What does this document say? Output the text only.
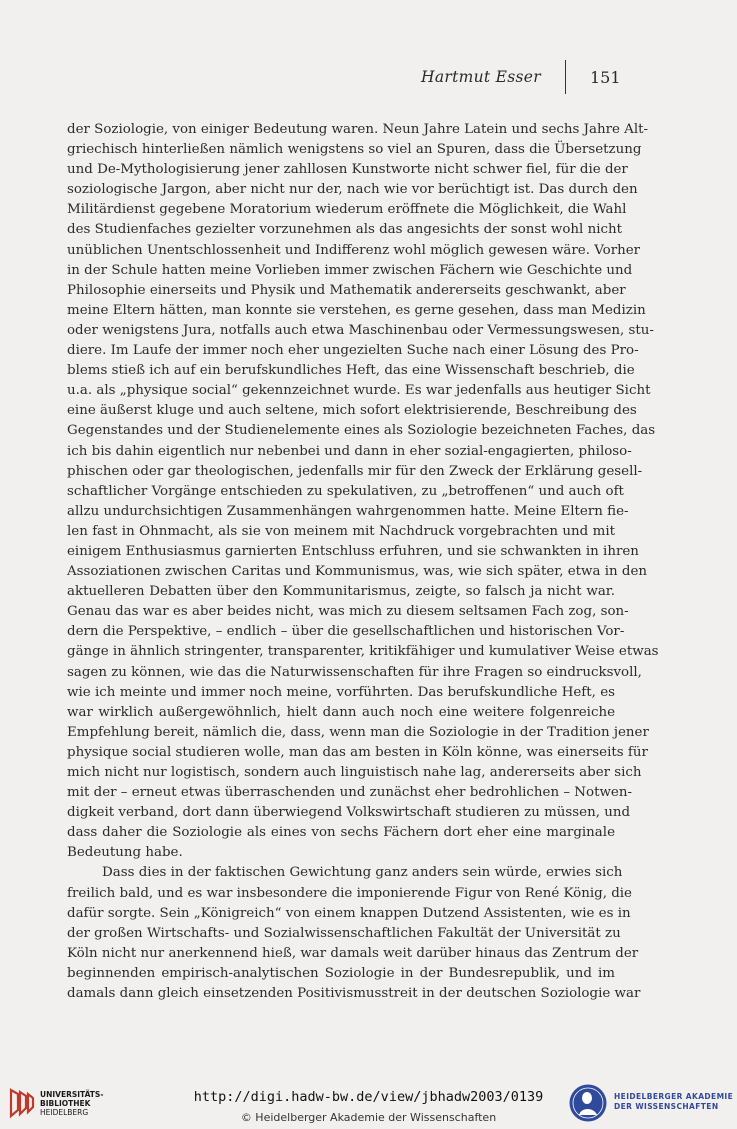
Hartmut Esser	151
der Soziologie, von einiger Bedeutung waren. Neun Jahre Latein und sechs Jahre Alt-
griechisch hinterließen nämlich wenigstens so viel an Spuren, dass die Übersetzung
und De-Mythologisierung jener zahllosen Kunstworte nicht schwer fiel, für die der
soziologische Jargon, aber nicht nur der, nach wie vor berüchtigt ist. Das durch den
Militärdienst gegebene Moratorium wiederum eröffnete die Möglichkeit, die Wahl
des Studienfaches gezielter vorzunehmen als das angesichts der sonst wohl nicht
unüblichen Unentschlossenheit und Indifferenz wohl möglich gewesen wäre. Vorher
in der Schule hatten meine Vorlieben immer zwischen Fächern wie Geschichte und
Philosophie einerseits und Physik und Mathematik andererseits geschwankt, aber
meine Eltern hätten, man konnte sie verstehen, es gerne gesehen, dass man Medizin
oder wenigstens Jura, notfalls auch etwa Maschinenbau oder Vermessungswesen, stu-
diere. Im Laufe der immer noch eher ungezielten Suche nach einer Lösung des Pro-
blems stieß ich auf ein berufskundliches Heft, das eine Wissenschaft beschrieb, die
u.a. als „physique social“ gekennzeichnet wurde. Es war jedenfalls aus heutiger Sicht
eine äußerst kluge und auch seltene, mich sofort elektrisierende, Beschreibung des
Gegenstandes und der Studienelemente eines als Soziologie bezeichneten Faches, das
ich bis dahin eigentlich nur nebenbei und dann in eher sozial-engagierten, philoso-
phischen oder gar theologischen, jedenfalls mir für den Zweck der Erklärung gesell-
schaftlicher Vorgänge entschieden zu spekulativen, zu „betroffenen“ und auch oft
allzu undurchsichtigen Zusammenhängen wahrgenommen hatte. Meine Eltern fie-
len fast in Ohnmacht, als sie von meinem mit Nachdruck vorgebrachten und mit
einigem Enthusiasmus garnierten Entschluss erfuhren, und sie schwankten in ihren
Assoziationen zwischen Caritas und Kommunismus, was, wie sich später, etwa in den
aktuelleren Debatten über den Kommunitarismus, zeigte, so falsch ja nicht war.
Genau das war es aber beides nicht, was mich zu diesem seltsamen Fach zog, son-
dern die Perspektive, – endlich – über die gesellschaftlichen und historischen Vor-
gänge in ähnlich stringenter, transparenter, kritikfähiger und kumulativer Weise etwas
sagen zu können, wie das die Naturwissenschaften für ihre Fragen so eindrucksvoll,
wie ich meinte und immer noch meine, vorführten. Das berufskundliche Heft, es
war wirklich außergewöhnlich, hielt dann auch noch eine weitere folgenreiche
Empfehlung bereit, nämlich die, dass, wenn man die Soziologie in der Tradition jener
physique social studieren wolle, man das am besten in Köln könne, was einerseits für
mich nicht nur logistisch, sondern auch linguistisch nahe lag, andererseits aber sich
mit der – erneut etwas überraschenden und zunächst eher bedrohlichen – Notwen-
digkeit verband, dort dann überwiegend Volkswirtschaft studieren zu müssen, und
dass daher die Soziologie als eines von sechs Fächern dort eher eine marginale
Bedeutung habe.
Dass dies in der faktischen Gewichtung ganz anders sein würde, erwies sich
freilich bald, und es war insbesondere die imponierende Figur von René König, die
dafür sorgte. Sein „Königreich“ von einem knappen Dutzend Assistenten, wie es in
der großen Wirtschafts- und Sozialwissenschaftlichen Fakultät der Universität zu
Köln nicht nur anerkennend hieß, war damals weit darüber hinaus das Zentrum der
beginnenden empirisch-analytischen Soziologie in der Bundesrepublik, und im
damals dann gleich einsetzenden Positivismusstreit in der deutschen Soziologie war
UNIVERSITÄTS-
BIBLIOTHEK
HEIDELBERG
http://digi.hadw-bw.de/view/jbhadw2003/0139
© Heidelberger Akademie der Wissenschaften
HEIDELBERGER AKADEMIE
DER WISSENSCHAFTEN
